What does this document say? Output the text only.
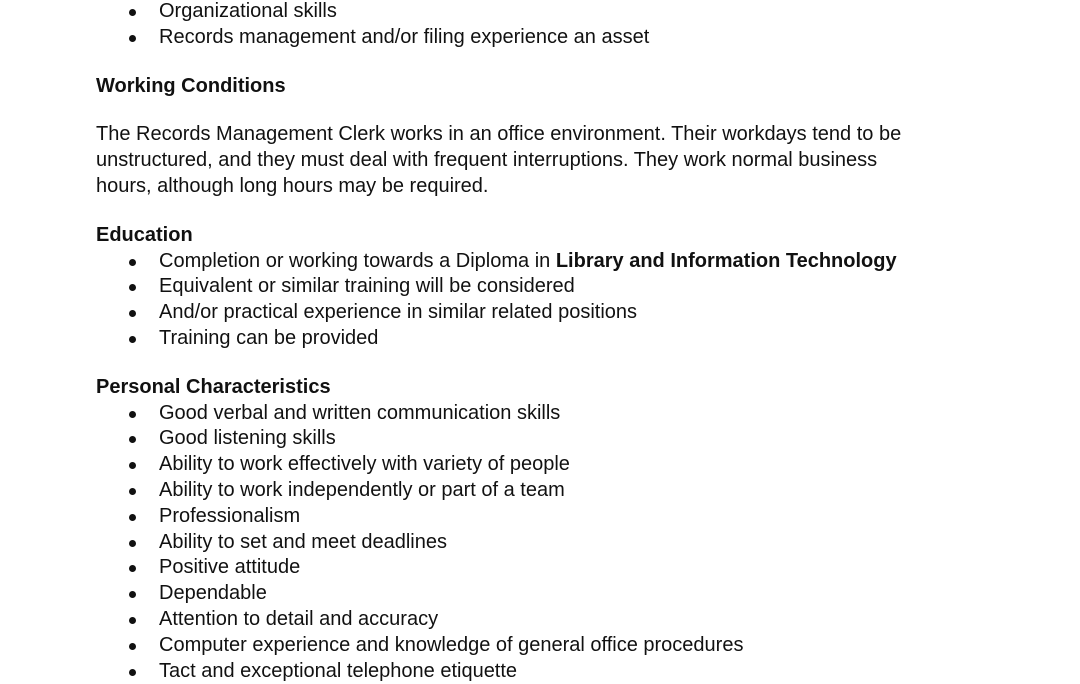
Organizational skills
Records management and/or filing experience an asset

Working Conditions

The Records Management Clerk works in an office environment. Their workdays tend to be

unstructured, and they must deal with frequent interruptions. They work normal business

hours, although long hours may be required.

Education

Completion or working towards a Diploma in Library and Information Technology
Equivalent or similar training will be considered
And/or practical experience in similar related positions
Training can be provided

Personal Characteristics

Good verbal and written communication skills
Good listening skills
Ability to work effectively with variety of people
Ability to work independently or part of a team
Professionalism
Ability to set and meet deadlines
Positive attitude
Dependable
Attention to detail and accuracy
Computer experience and knowledge of general office procedures
Tact and exceptional telephone etiquette
